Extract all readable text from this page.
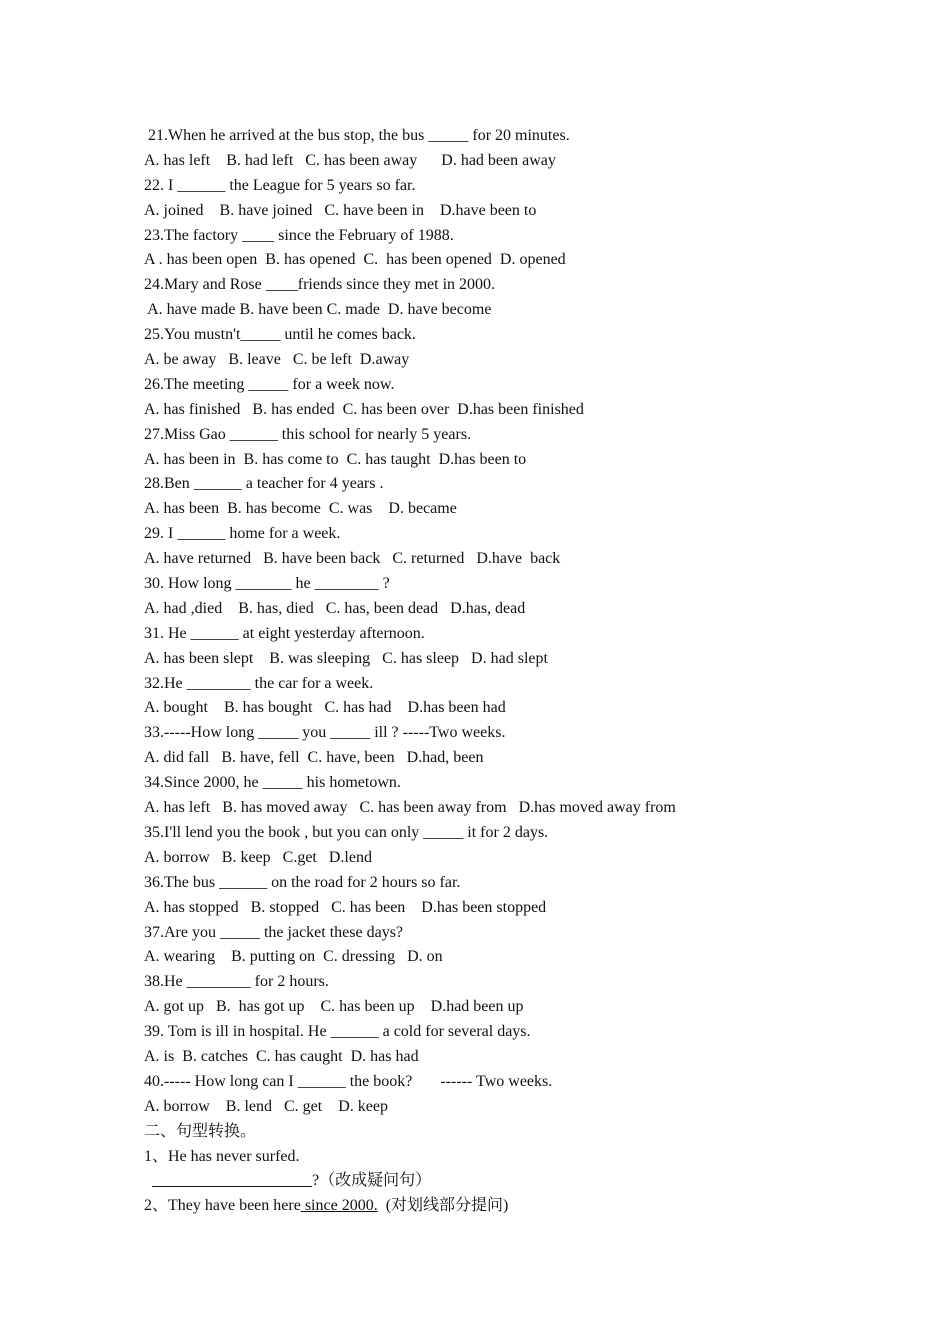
21.When he arrived at the bus stop, the bus _____ for 20 minutes.
A. has left    B. had left   C. has been away      D. had been away
22. I ______ the League for 5 years so far.
A. joined    B. have joined   C. have been in    D.have been to
23.The factory ____ since the February of 1988.
A . has been open  B. has opened  C.  has been opened  D. opened
24.Mary and Rose ____friends since they met in 2000.
A. have made B. have been C. made  D. have become
25.You mustn't_____ until he comes back.
A. be away   B. leave   C. be left  D.away
26.The meeting _____ for a week now.
A. has finished   B. has ended  C. has been over  D.has been finished
27.Miss Gao ______ this school for nearly 5 years.
A. has been in  B. has come to  C. has taught  D.has been to
28.Ben ______ a teacher for 4 years .
A. has been  B. has become  C. was    D. became
29. I ______ home for a week.
A. have returned   B. have been back   C. returned   D.have  back
30. How long _______ he ________ ?
A. had ,died    B. has, died   C. has, been dead   D.has, dead
31. He ______ at eight yesterday afternoon.
A. has been slept    B. was sleeping   C. has sleep   D. had slept
32.He ________ the car for a week.
A. bought    B. has bought   C. has had    D.has been had
33.-----How long _____ you _____ ill ? -----Two weeks.
A. did fall   B. have, fell  C. have, been   D.had, been
34.Since 2000, he _____ his hometown.
A. has left   B. has moved away   C. has been away from   D.has moved away from
35.I'll lend you the book , but you can only _____ it for 2 days.
A. borrow   B. keep   C.get   D.lend
36.The bus ______ on the road for 2 hours so far.
A. has stopped   B. stopped   C. has been    D.has been stopped
37.Are you _____ the jacket these days?
A. wearing    B. putting on  C. dressing   D. on
38.He ________ for 2 hours.
A. got up   B.  has got up    C. has been up    D.had been up
39. Tom is ill in hospital. He ______ a cold for several days.
A. is  B. catches  C. has caught  D. has had
40.----- How long can I ______ the book?       ------ Two weeks.
A. borrow    B. lend   C. get    D. keep
二、句型转换。
1、He has never surfed.
?（改成疑问句）
2、They have been here since 2000.  (对划线部分提问)
